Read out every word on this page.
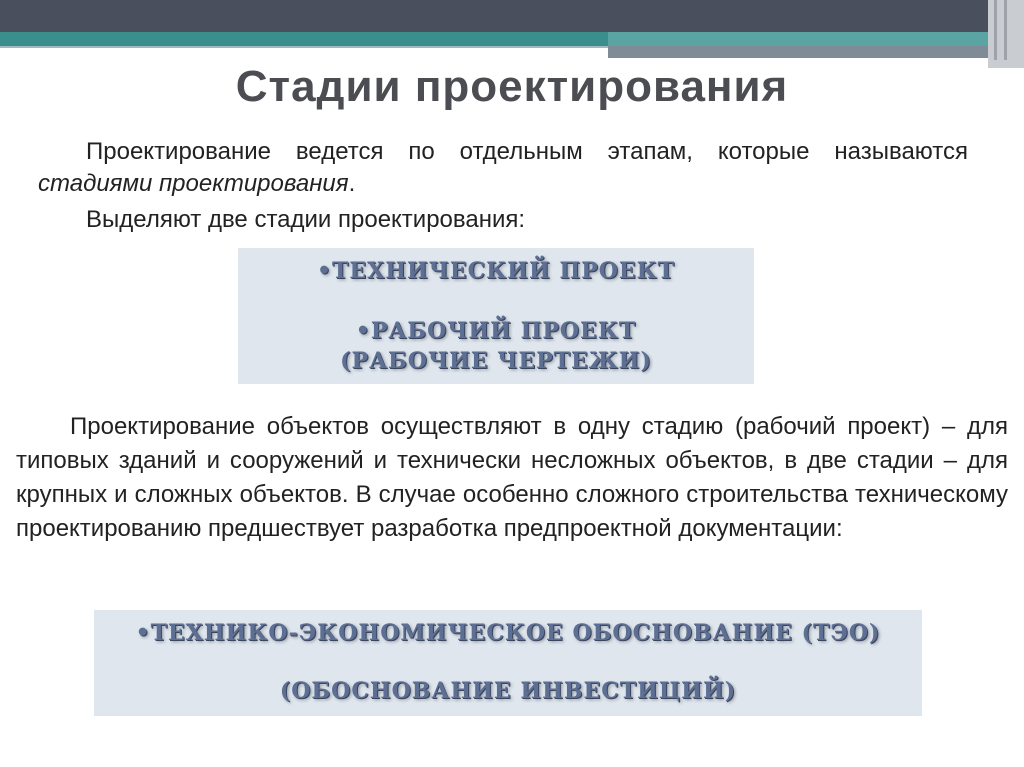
Стадии проектирования
Проектирование ведется по отдельным этапам, которые называются стадиями проектирования.
Выделяют две стадии проектирования:
•ТЕХНИЧЕСКИЙ ПРОЕКТ
•РАБОЧИЙ ПРОЕКТ
(РАБОЧИЕ ЧЕРТЕЖИ)
Проектирование объектов осуществляют в одну стадию (рабочий проект) – для типовых зданий и сооружений и технически несложных объектов, в две стадии – для крупных и сложных объектов. В случае особенно сложного строительства техническому проектированию предшествует разработка предпроектной документации:
•ТЕХНИКО-ЭКОНОМИЧЕСКОЕ ОБОСНОВАНИЕ (ТЭО)
(ОБОСНОВАНИЕ ИНВЕСТИЦИЙ)
